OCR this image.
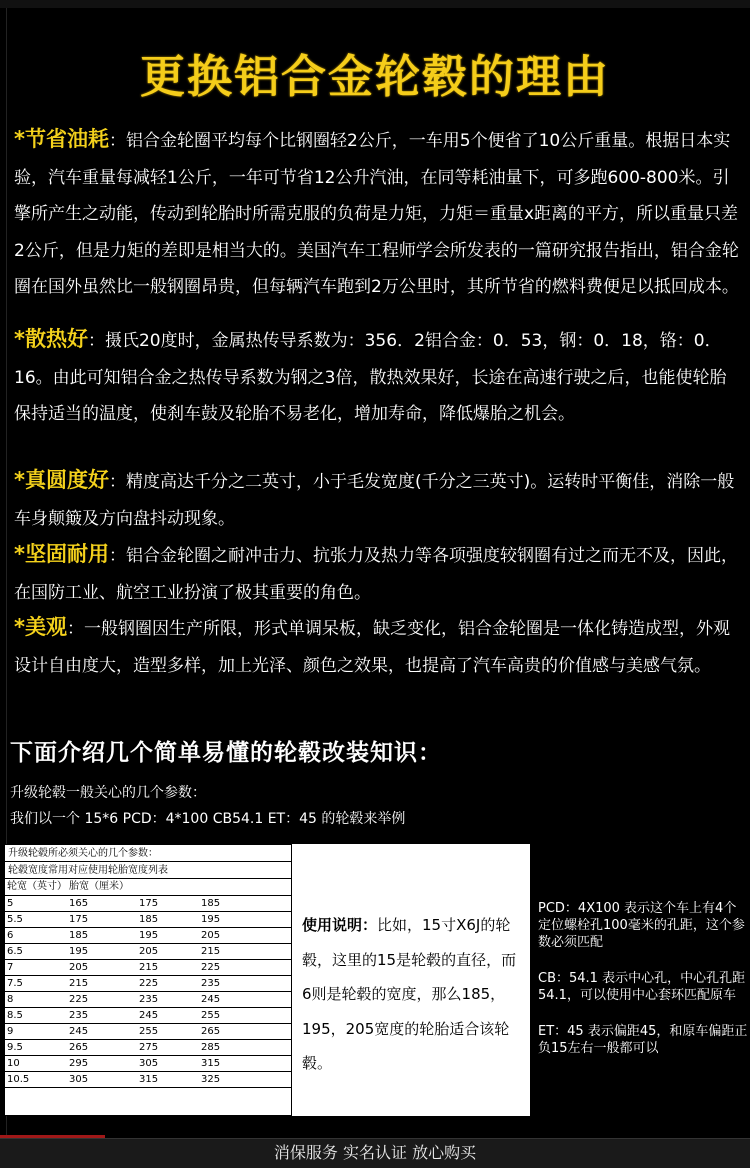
更换铝合金轮毂的理由
*节省油耗：铝合金轮圈平均每个比钢圈轻2公斤，一车用5个便省了10公斤重量。根据日本实验，汽车重量每减轻1公斤，一年可节省12公升汽油，在同等耗油量下，可多跑600-800米。引擎所产生之动能，传动到轮胎时所需克服的负荷是力矩，力矩＝重量x距离的平方，所以重量只差2公斤，但是力矩的差即是相当大的。美国汽车工程师学会所发表的一篇研究报告指出，铝合金轮圈在国外虽然比一般钢圈昂贵，但每辆汽车跑到2万公里时，其所节省的燃料费便足以抵回成本。
*散热好：摄氏20度时，金属热传导系数为：356．2铝合金：0．53，钢：0．18，铬：0．16。由此可知铝合金之热传导系数为钢之3倍，散热效果好，长途在高速行驶之后，也能使轮胎保持适当的温度，使刹车鼓及轮胎不易老化，增加寿命，降低爆胎之机会。
*真圆度好：精度高达千分之二英寸，小于毛发宽度(千分之三英寸)。运转时平衡佳，消除一般车身颠簸及方向盘抖动现象。
*坚固耐用：铝合金轮圈之耐冲击力、抗张力及热力等各项强度较钢圈有过之而无不及，因此，在国防工业、航空工业扮演了极其重要的角色。
*美观：一般钢圈因生产所限，形式单调呆板，缺乏变化，铝合金轮圈是一体化铸造成型，外观设计自由度大，造型多样，加上光泽、颜色之效果，也提高了汽车高贵的价值感与美感气氛。
下面介绍几个简单易懂的轮毂改装知识：
升级轮毂一般关心的几个参数：
我们以一个 15*6 PCD：4*100 CB54.1 ET：45 的轮毂来举例
升级轮毂所必须关心的几个参数：
轮毂宽度常用对应使用轮胎宽度列表
轮宽（英寸）	胎宽（厘米）		
5	165	175	185
5.5	175	185	195
6	185	195	205
6.5	195	205	215
7	205	215	225
7.5	215	225	235
8	225	235	245
8.5	235	245	255
9	245	255	265
9.5	265	275	285
10	295	305	315
10.5	305	315	325
使用说明：比如，15寸X6J的轮毂，这里的15是轮毂的直径，而6则是轮毂的宽度，那么185，195，205宽度的轮胎适合该轮毂。

PCD：4X100 表示这个车上有4个定位螺栓孔100毫米的孔距，这个参数必须匹配

CB：54.1 表示中心孔，中心孔孔距54.1，可以使用中心套环匹配原车

ET：45 表示偏距45，和原车偏距正负15左右一般都可以

消保服务 实名认证 放心购买
